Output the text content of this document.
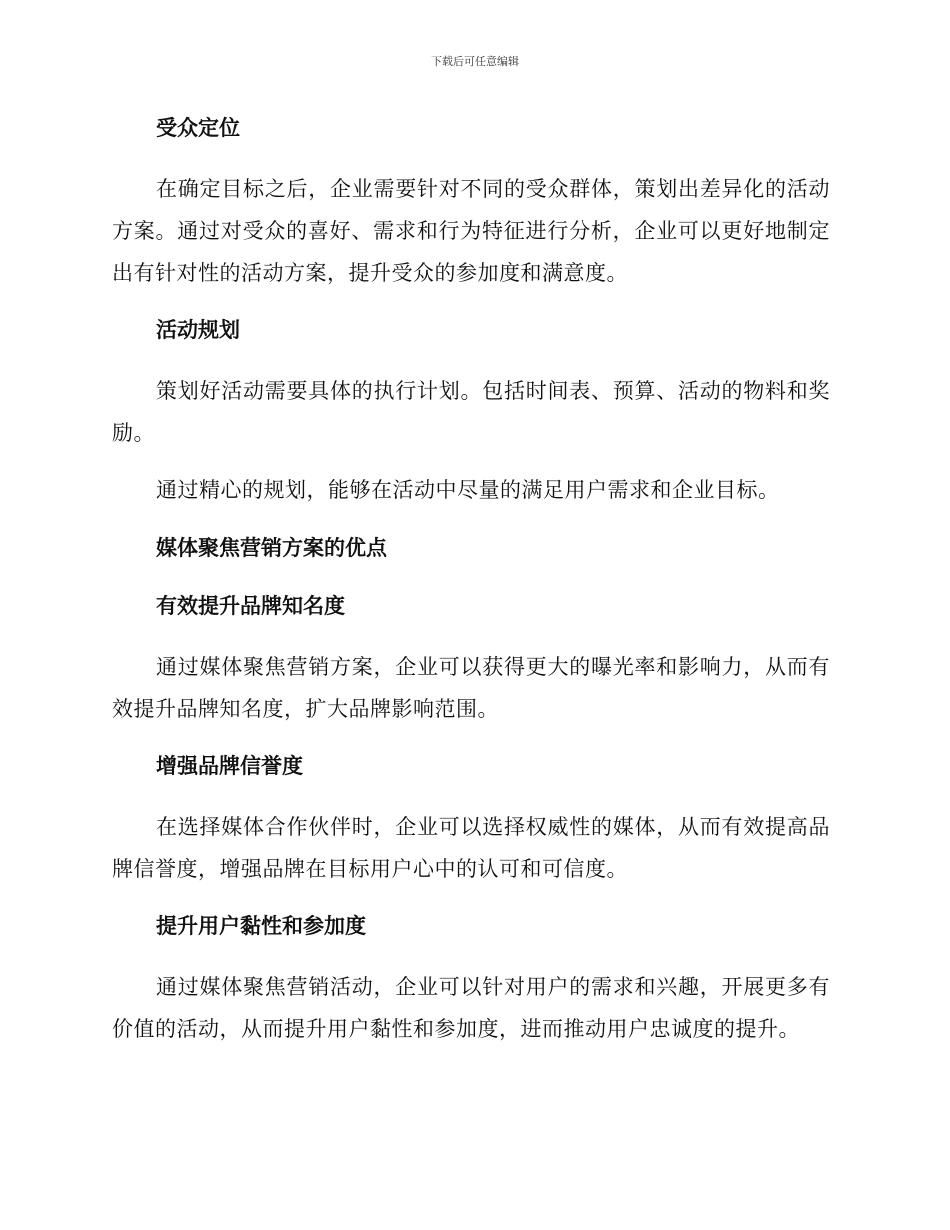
下载后可任意编辑
受众定位

在确定目标之后，企业需要针对不同的受众群体，策划出差异化的活动方案。通过对受众的喜好、需求和行为特征进行分析，企业可以更好地制定出有针对性的活动方案，提升受众的参加度和满意度。

活动规划

策划好活动需要具体的执行计划。包括时间表、预算、活动的物料和奖励。

通过精心的规划，能够在活动中尽量的满足用户需求和企业目标。

媒体聚焦营销方案的优点
有效提升品牌知名度

通过媒体聚焦营销方案，企业可以获得更大的曝光率和影响力，从而有效提升品牌知名度，扩大品牌影响范围。

增强品牌信誉度

在选择媒体合作伙伴时，企业可以选择权威性的媒体，从而有效提高品牌信誉度，增强品牌在目标用户心中的认可和可信度。

提升用户黏性和参加度

通过媒体聚焦营销活动，企业可以针对用户的需求和兴趣，开展更多有价值的活动，从而提升用户黏性和参加度，进而推动用户忠诚度的提升。
